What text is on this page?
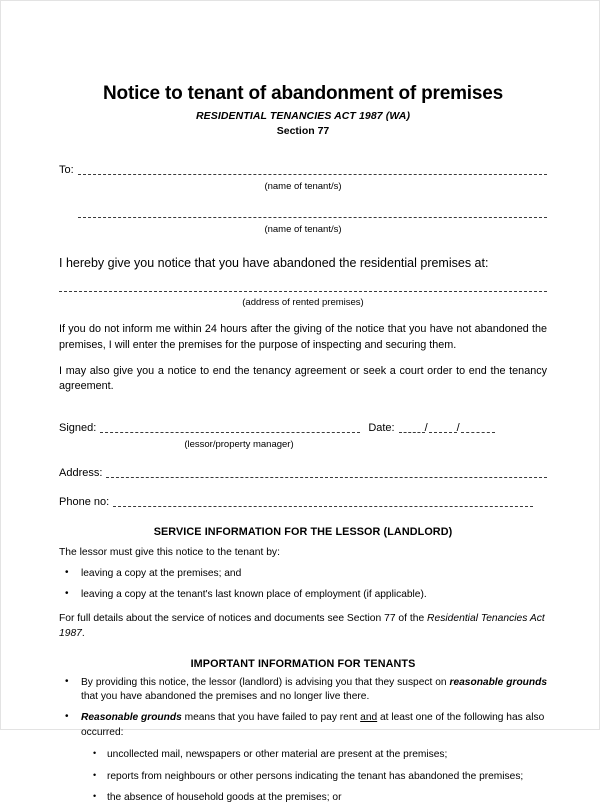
Notice to tenant of abandonment of premises
RESIDENTIAL TENANCIES ACT 1987 (WA)
Section 77
To:
(name of tenant/s)
(name of tenant/s)

I hereby give you notice that you have abandoned the residential premises at:

(address of rented premises)

If you do not inform me within 24 hours after the giving of the notice that you have not abandoned the premises, I will enter the premises for the purpose of inspecting and securing them.

I may also give you a notice to end the tenancy agreement or seek a court order to end the tenancy agreement.

Signed:	Date:	/	/
(lessor/property manager)
Address:
Phone no:
SERVICE INFORMATION FOR THE LESSOR (LANDLORD)

The lessor must give this notice to the tenant by:

• leaving a copy at the premises; and
• leaving a copy at the tenant's last known place of employment (if applicable).

For full details about the service of notices and documents see Section 77 of the Residential Tenancies Act 1987.

IMPORTANT INFORMATION FOR TENANTS
• By providing this notice, the lessor (landlord) is advising you that they suspect on reasonable grounds that you have abandoned the premises and no longer live there.
• Reasonable grounds means that you have failed to pay rent and at least one of the following has also occurred:
• uncollected mail, newspapers or other material are present at the premises;
• reports from neighbours or other persons indicating the tenant has abandoned the premises;
• the absence of household goods at the premises; or
